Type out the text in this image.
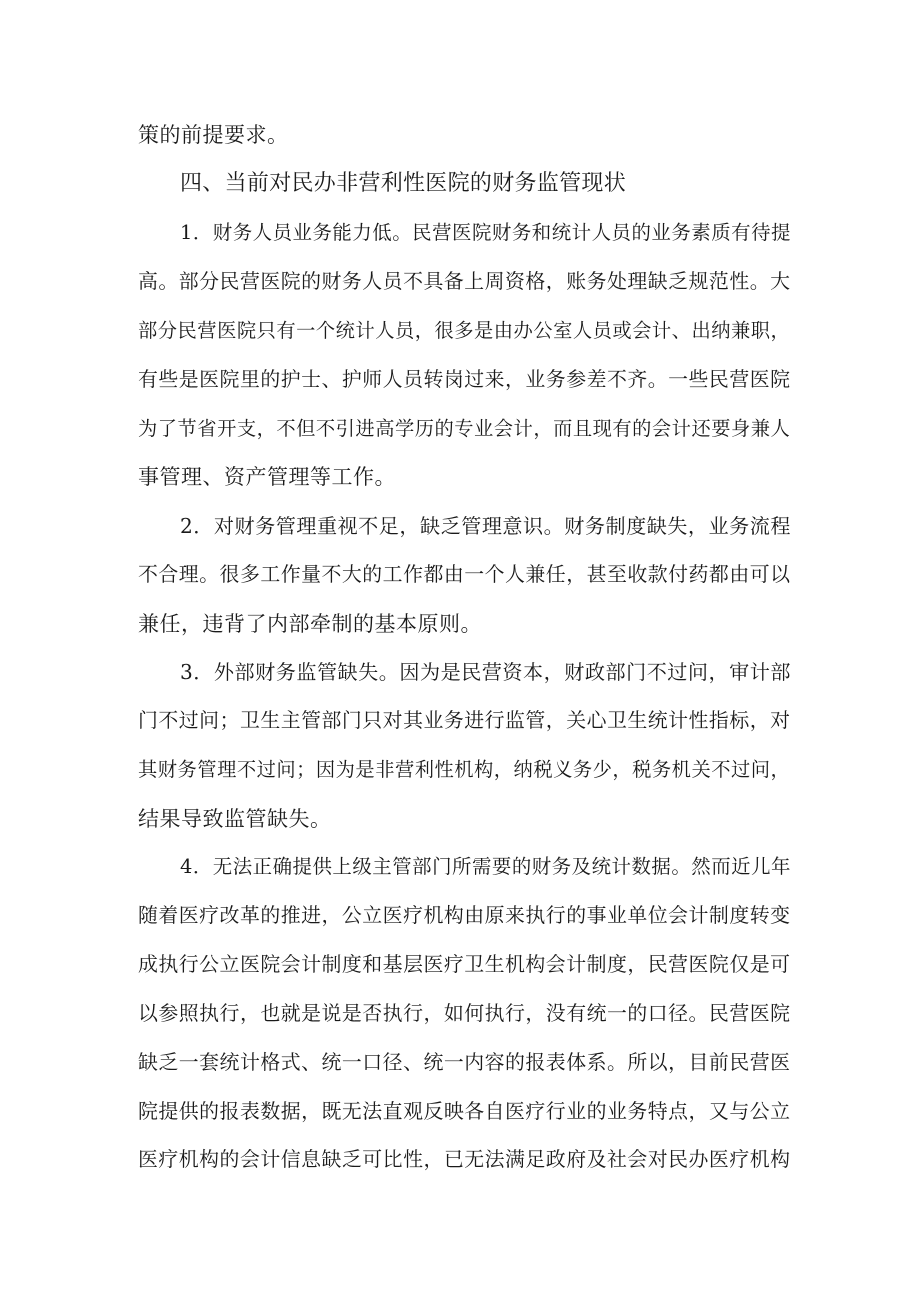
策的前提要求。
四、当前对民办非营利性医院的财务监管现状
1．财务人员业务能力低。民营医院财务和统计人员的业务素质有待提
高。部分民营医院的财务人员不具备上周资格，账务处理缺乏规范性。大
部分民营医院只有一个统计人员，很多是由办公室人员或会计、出纳兼职，
有些是医院里的护士、护师人员转岗过来，业务参差不齐。一些民营医院
为了节省开支，不但不引进高学历的专业会计，而且现有的会计还要身兼人
事管理、资产管理等工作。
2．对财务管理重视不足，缺乏管理意识。财务制度缺失，业务流程
不合理。很多工作量不大的工作都由一个人兼任，甚至收款付药都由可以
兼任，违背了内部牵制的基本原则。
3．外部财务监管缺失。因为是民营资本，财政部门不过问，审计部
门不过问；卫生主管部门只对其业务进行监管，关心卫生统计性指标，对
其财务管理不过问；因为是非营利性机构，纳税义务少，税务机关不过问，
结果导致监管缺失。
4．无法正确提供上级主管部门所需要的财务及统计数据。然而近儿年
随着医疗改革的推进，公立医疗机构由原来执行的事业单位会计制度转变
成执行公立医院会计制度和基层医疗卫生机构会计制度，民营医院仅是可
以参照执行，也就是说是否执行，如何执行，没有统一的口径。民营医院
缺乏一套统计格式、统一口径、统一内容的报表体系。所以，目前民营医
院提供的报表数据，既无法直观反映各自医疗行业的业务特点，又与公立
医疗机构的会计信息缺乏可比性，已无法满足政府及社会对民办医疗机构
